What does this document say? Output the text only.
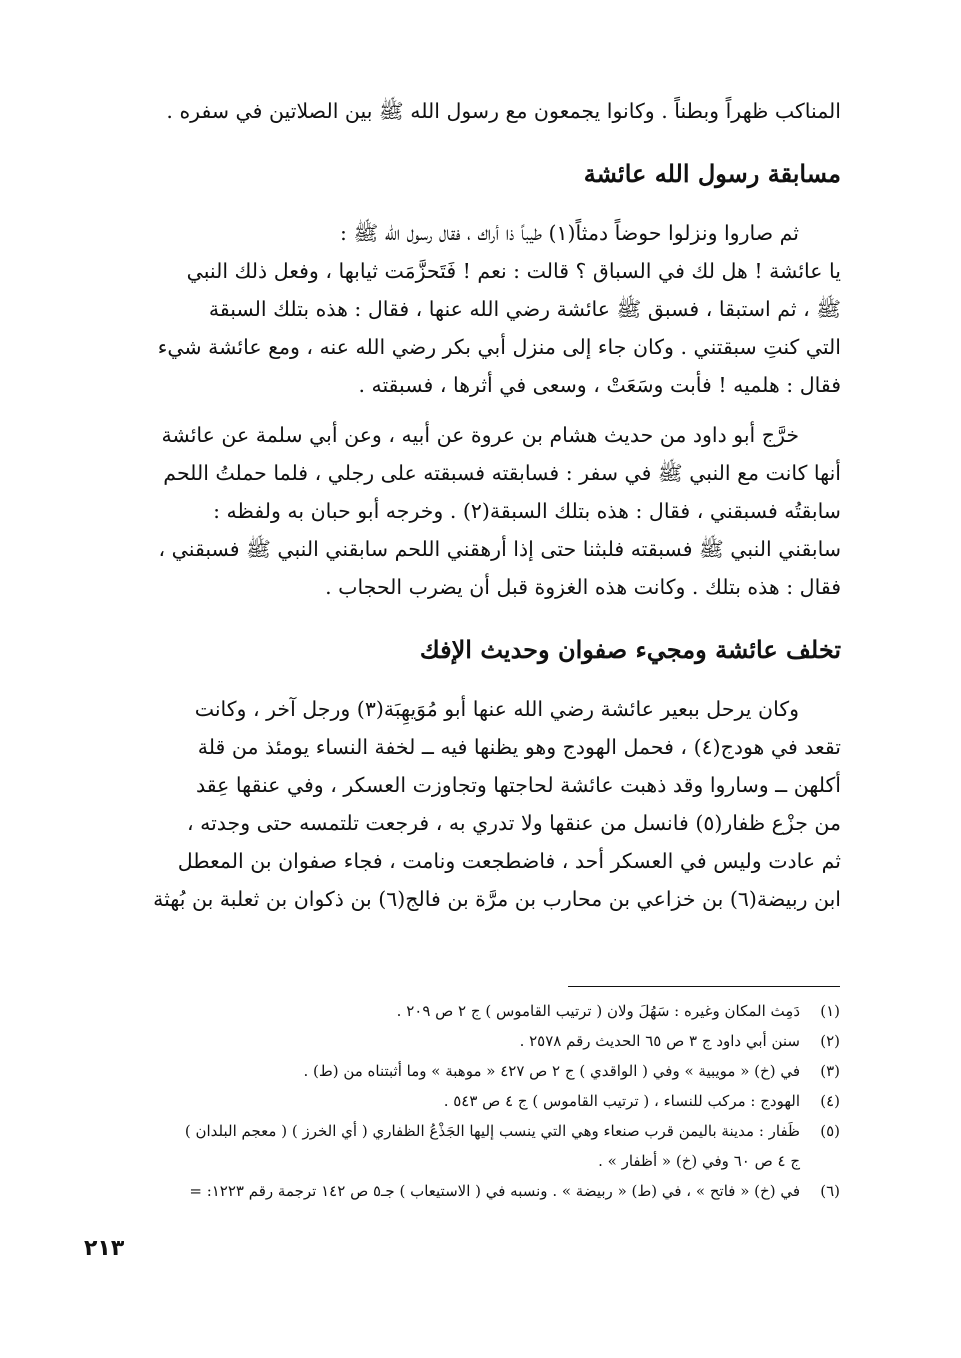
المناكب ظهراً وبطناً . وكانوا يجمعون مع رسول الله ﷺ بين الصلاتين في سفره .
مسابقة رسول الله عائشة
ثم صاروا ونزلوا حوضاً دمثاً(١) طيباً ذا أراك ، فقال رسول الله ﷺ :
يا عائشة ! هل لك في السباق ؟ قالت : نعم ! فَتَحزَّمَت ثيابها ، وفعل ذلك النبي
ﷺ ، ثم استبقا ، فسبق ﷺ عائشة رضي الله عنها ، فقال : هذه بتلك السبقة
التي كنتِ سبقتني . وكان جاء إلى منزل أبي بكر رضي الله عنه ، ومع عائشة شيء
فقال : هلميه ! فأبت وسَعَتْ ، وسعى في أثرها ، فسبقته .
خرَّج أبو داود من حديث هشام بن عروة عن أبيه ، وعن أبي سلمة عن عائشة
أنها كانت مع النبي ﷺ في سفر : فسابقته فسبقته على رجلي ، فلما حملتُ اللحم
سابقتُه فسبقني ، فقال : هذه بتلك السبقة(٢) . وخرجه أبو حبان به ولفظه :
سابقني النبي ﷺ فسبقته فلبثنا حتى إذا أرهقني اللحم سابقني النبي ﷺ فسبقني ،
فقال : هذه بتلك . وكانت هذه الغزوة قبل أن يضرب الحجاب .
تخلف عائشة ومجيء صفوان وحديث الإفك
وكان يرحل ببعير عائشة رضي الله عنها أبو مُوَيهِبَة(٣) ورجل آخر ، وكانت
تقعد في هودج(٤) ، فحمل الهودج وهو يظنها فيه ــ لخفة النساء يومئذ من قلة
أكلهن ــ وساروا وقد ذهبت عائشة لحاجتها وتجاوزت العسكر ، وفي عنقها عِقد
من جزْع ظفار(٥) فانسل من عنقها ولا تدري به ، فرجعت تلتمسه حتى وجدته ،
ثم عادت وليس في العسكر أحد ، فاضطجعت ونامت ، فجاء صفوان بن المعطل
ابن ربيضة(٦) بن خزاعي بن محارب بن مرَّة بن فالج(٦) بن ذكوان بن ثعلبة بن بُهثة
(١)دَمِث المكان وغيره : سَهُلَ ولان ( ترتيب القاموس ) ج ٢ ص ٢٠٩ .
(٢)سنن أبي داود ج ٣ ص ٦٥ الحديث رقم ٢٥٧٨ .
(٣)في (خ) « مويبية » وفي ( الواقدي ) ج ٢ ص ٤٢٧ « موهبة » وما أثبتناه من (ط) .
(٤)الهودج : مركب للنساء ، ( ترتيب القاموس ) ج ٤ ص ٥٤٣ .
(٥)ظَفار : مدينة باليمن قرب صنعاء وهي التي ينسب إليها الجَذْعُ الظفاري ( أي الخرز ) ( معجم البلدان )
ج ٤ ص ٦٠ وفي (خ) « أظفار » .
(٦)في (خ) « فاتح » ، في (ط) « ربيضة » . ونسبه في ( الاستيعاب ) جـ٥ ص ١٤٢ ترجمة رقم ١٢٢٣: =
٢١٣
